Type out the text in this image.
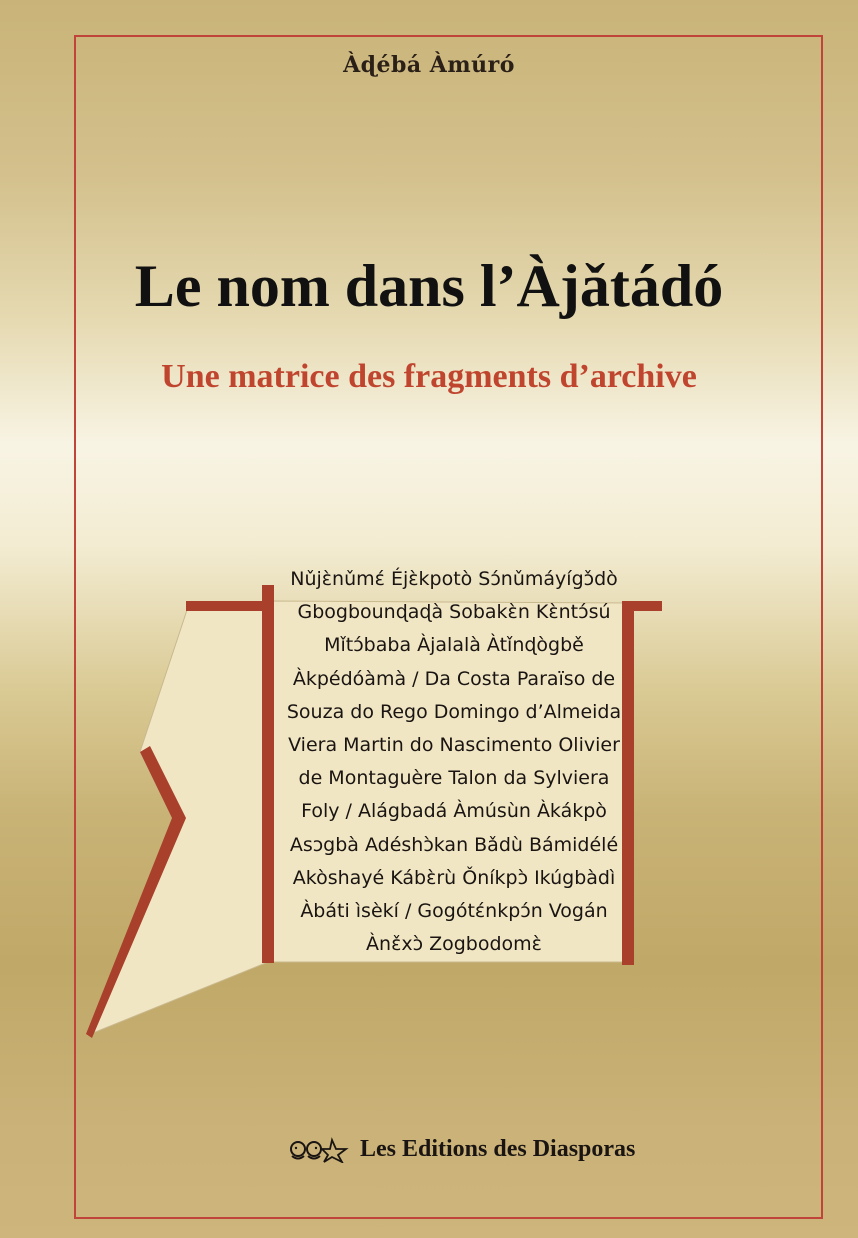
Àɖébá Àmúró
Le nom dans l’Àjǎtádó
Une matrice des fragments d’archive
Nǔjɛ̀nǔmɛ́ Éjɛ̀kpotò Sɔ́nǔmáyígɔ̌dò
Gbogbounɖaɖà Sobakɛ̀n Kɛ̀ntɔ́sú
Mǐtɔ́baba Àjalalà Àtǐnɖògbě
Àkpédóàmà / Da Costa Paraïso de
Souza do Rego Domingo d’Almeida
Viera Martin do Nascimento Olivier
de Montaguère Talon da Sylviera
Foly / Alágbadá Àmúsùn Àkákpò
Asɔgbà Adéshɔ̀kan Bǎdù Bámidélé
Akòshayé Kábɛ̀rù Ǒníkpɔ̀ Ikúgbàdì
Àbáti ìsèkí / Gogótɛ́nkpɔ́n Vogán
Ànɛ̌xɔ̀ Zogbodomɛ̀
Les Editions des Diasporas
